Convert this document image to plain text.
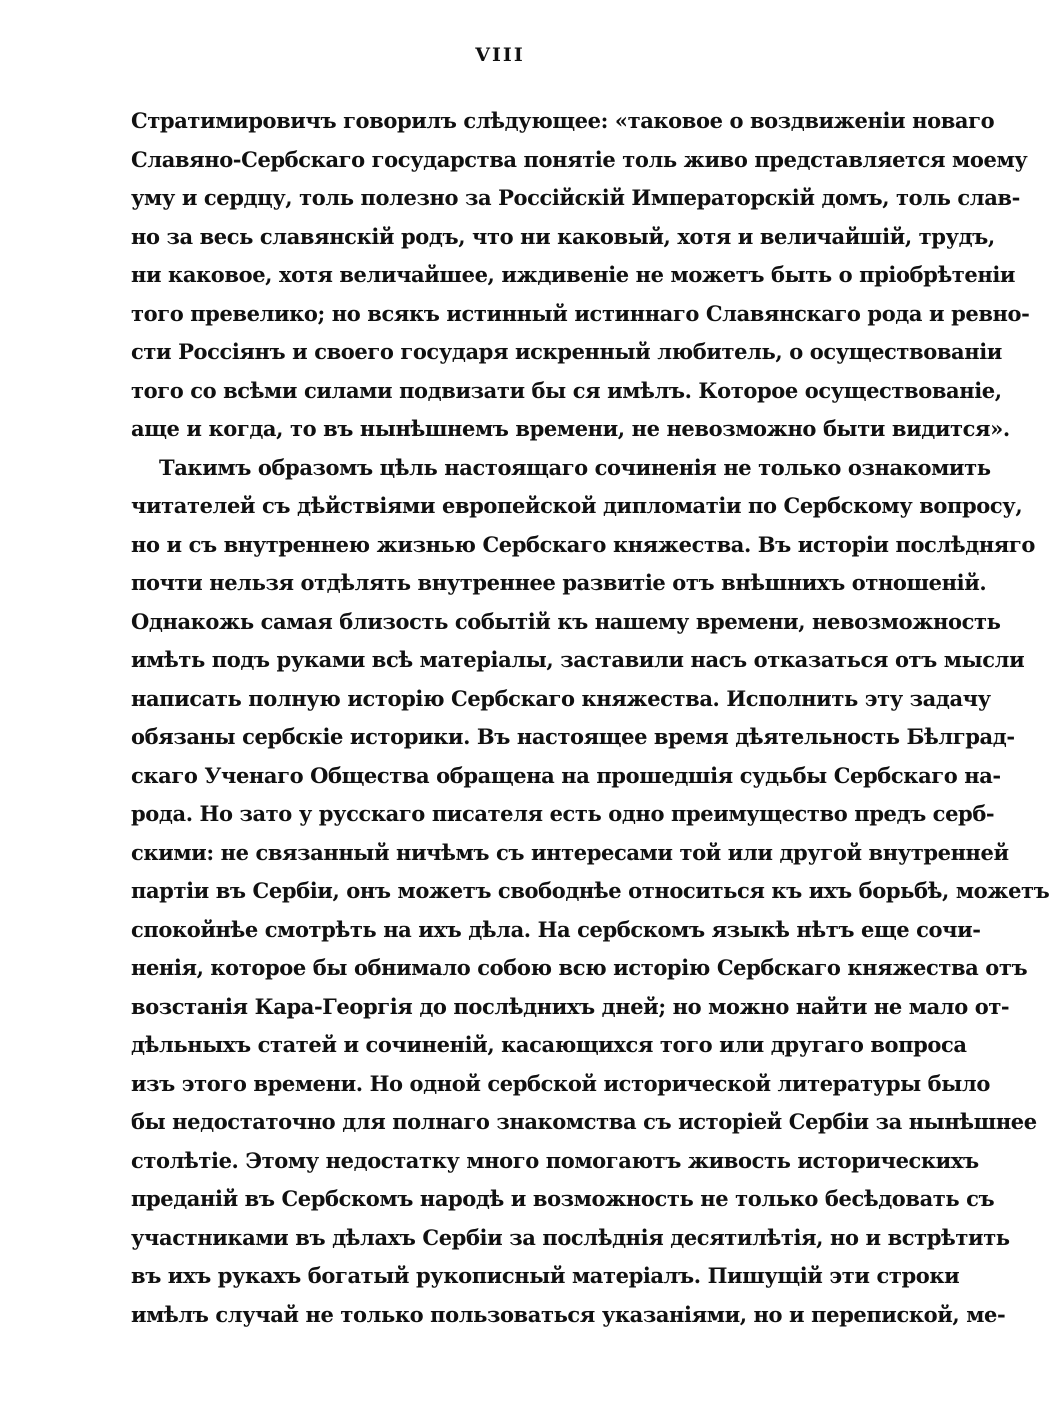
VIII
Стратимировичъ говорилъ слѣдующее: «таковое о воздвиженіи новаго
Славяно-Сербскаго государства понятіе толь живо представляется моему
уму и сердцу, толь полезно за Россійскій Императорскій домъ, толь слав-
но за весь славянскій родъ, что ни каковый, хотя и величайшій, трудъ,
ни каковое, хотя величайшее, иждивеніе не можетъ быть о пріобрѣтеніи
того превелико; но всякъ истинный истиннаго Славянскаго рода и ревно-
сти Россіянъ и своего государя искренный любитель, о осуществованіи
того со всѣми силами подвизати бы ся имѣлъ. Которое осуществованіе,
аще и когда, то въ нынѣшнемъ времени, не невозможно быти видится».
Такимъ образомъ цѣль настоящаго сочиненія не только ознакомить
читателей съ дѣйствіями европейской дипломатіи по Сербскому вопросу,
но и съ внутреннею жизнью Сербскаго княжества. Въ исторіи послѣдняго
почти нельзя отдѣлять внутреннее развитіе отъ внѣшнихъ отношеній.
Однакожь самая близость событій къ нашему времени, невозможность
имѣть подъ руками всѣ матеріалы, заставили насъ отказаться отъ мысли
написать полную исторію Сербскаго княжества. Исполнить эту задачу
обязаны сербскіе историки. Въ настоящее время дѣятельность Бѣлград-
скаго Ученаго Общества обращена на прошедшія судьбы Сербскаго на-
рода. Но зато у русскаго писателя есть одно преимущество предъ серб-
скими: не связанный ничѣмъ съ интересами той или другой внутренней
партіи въ Сербіи, онъ можетъ свободнѣе относиться къ ихъ борьбѣ, можетъ
спокойнѣе смотрѣть на ихъ дѣла. На сербскомъ языкѣ нѣтъ еще сочи-
ненія, которое бы обнимало собою всю исторію Сербскаго княжества отъ
возстанія Кара-Георгія до послѣднихъ дней; но можно найти не мало от-
дѣльныхъ статей и сочиненій, касающихся того или другаго вопроса
изъ этого времени. Но одной сербской исторической литературы было
бы недостаточно для полнаго знакомства съ исторіей Сербіи за нынѣшнее
столѣтіе. Этому недостатку много помогаютъ живость историческихъ
преданій въ Сербскомъ народѣ и возможность не только бесѣдовать съ
участниками въ дѣлахъ Сербіи за послѣднія десятилѣтія, но и встрѣтить
въ ихъ рукахъ богатый рукописный матеріалъ. Пишущій эти строки
имѣлъ случай не только пользоваться указаніями, но и перепиской, ме-
